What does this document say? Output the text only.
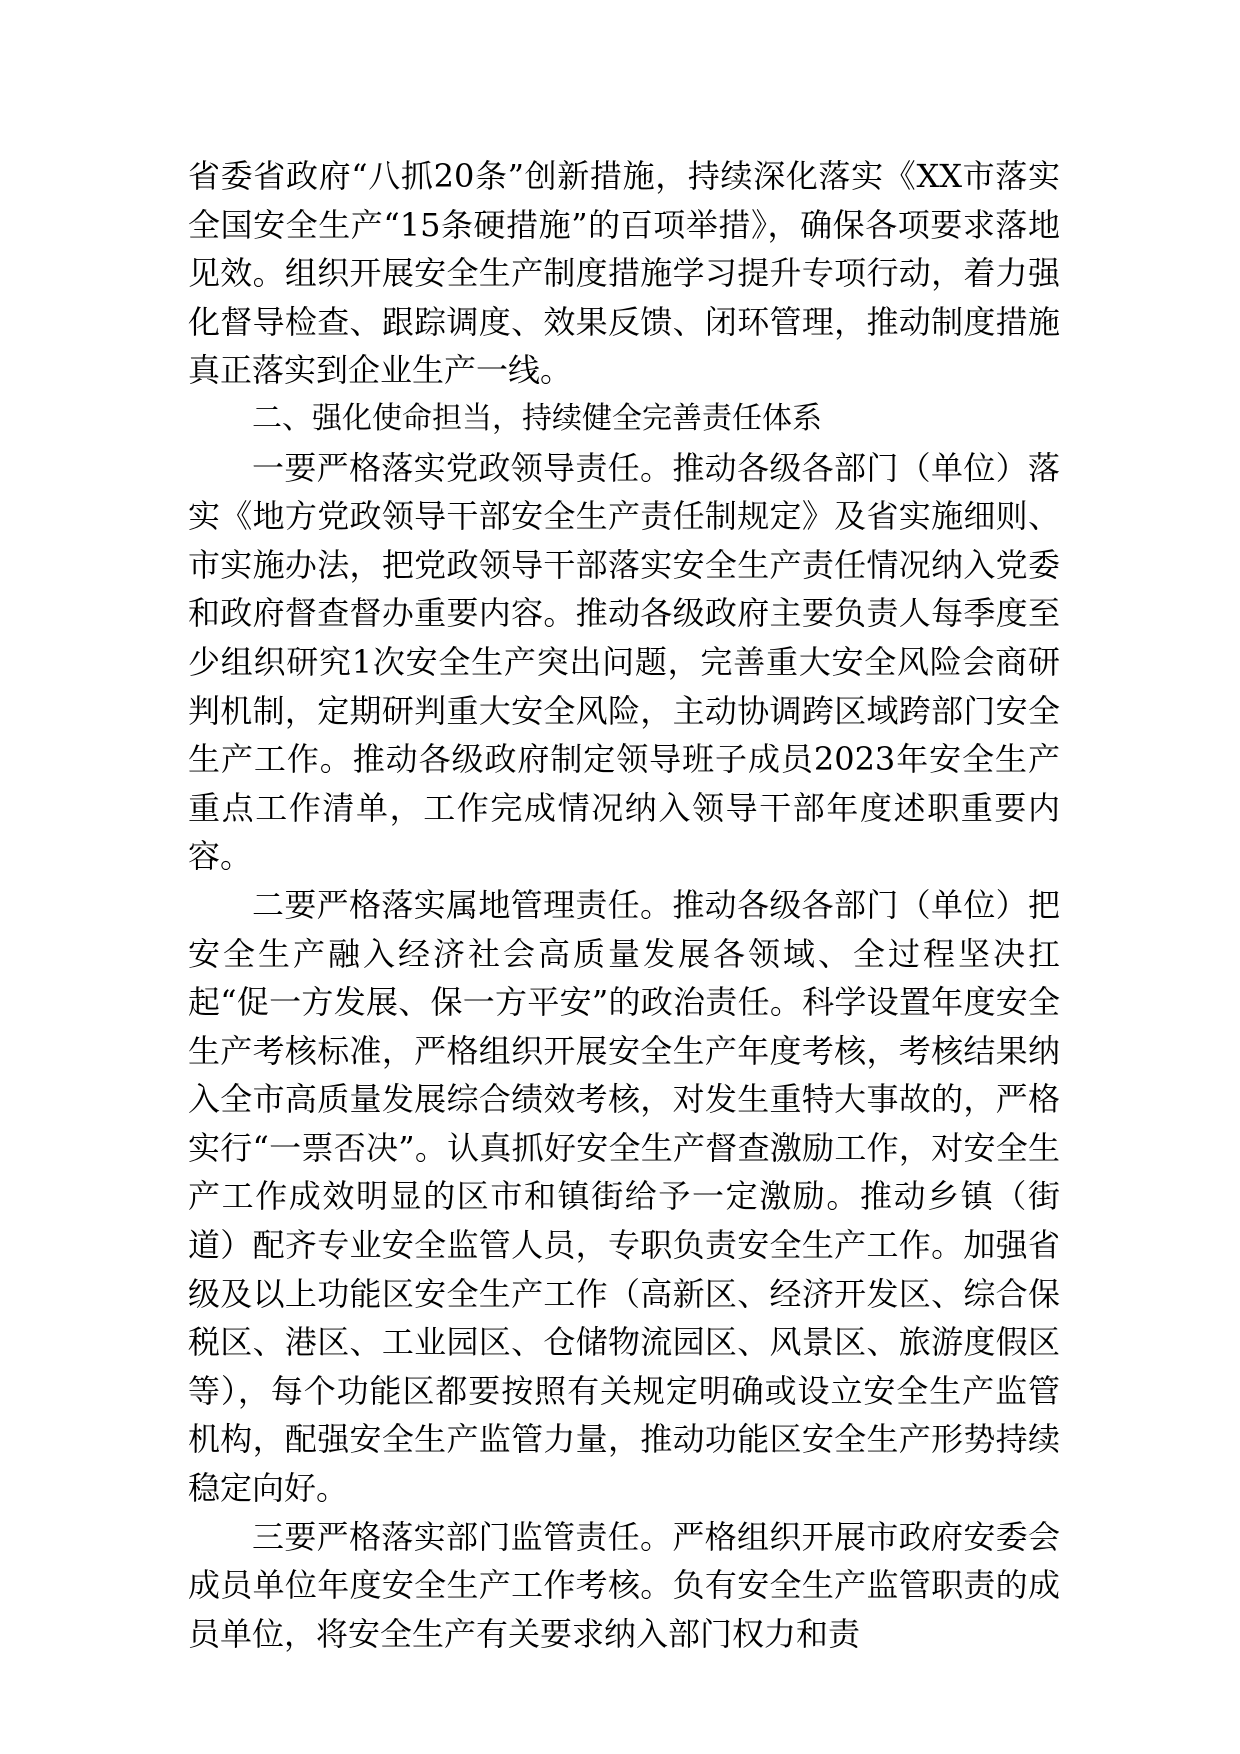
省委省政府“八抓20条”创新措施，持续深化落实《XX市落实全国安全生产“15条硬措施”的百项举措》，确保各项要求落地见效。组织开展安全生产制度措施学习提升专项行动，着力强化督导检查、跟踪调度、效果反馈、闭环管理，推动制度措施真正落实到企业生产一线。

二、强化使命担当，持续健全完善责任体系

一要严格落实党政领导责任。推动各级各部门（单位）落实《地方党政领导干部安全生产责任制规定》及省实施细则、市实施办法，把党政领导干部落实安全生产责任情况纳入党委和政府督查督办重要内容。推动各级政府主要负责人每季度至少组织研究1次安全生产突出问题，完善重大安全风险会商研判机制，定期研判重大安全风险，主动协调跨区域跨部门安全生产工作。推动各级政府制定领导班子成员2023年安全生产重点工作清单，工作完成情况纳入领导干部年度述职重要内容。

二要严格落实属地管理责任。推动各级各部门（单位）把安全生产融入经济社会高质量发展各领域、全过程坚决扛起“促一方发展、保一方平安”的政治责任。科学设置年度安全生产考核标准，严格组织开展安全生产年度考核，考核结果纳入全市高质量发展综合绩效考核，对发生重特大事故的，严格实行“一票否决”。认真抓好安全生产督查激励工作，对安全生产工作成效明显的区市和镇街给予一定激励。推动乡镇（街道）配齐专业安全监管人员，专职负责安全生产工作。加强省级及以上功能区安全生产工作（高新区、经济开发区、综合保税区、港区、工业园区、仓储物流园区、风景区、旅游度假区等），每个功能区都要按照有关规定明确或设立安全生产监管机构，配强安全生产监管力量，推动功能区安全生产形势持续稳定向好。

三要严格落实部门监管责任。严格组织开展市政府安委会成员单位年度安全生产工作考核。负有安全生产监管职责的成员单位，将安全生产有关要求纳入部门权力和责
